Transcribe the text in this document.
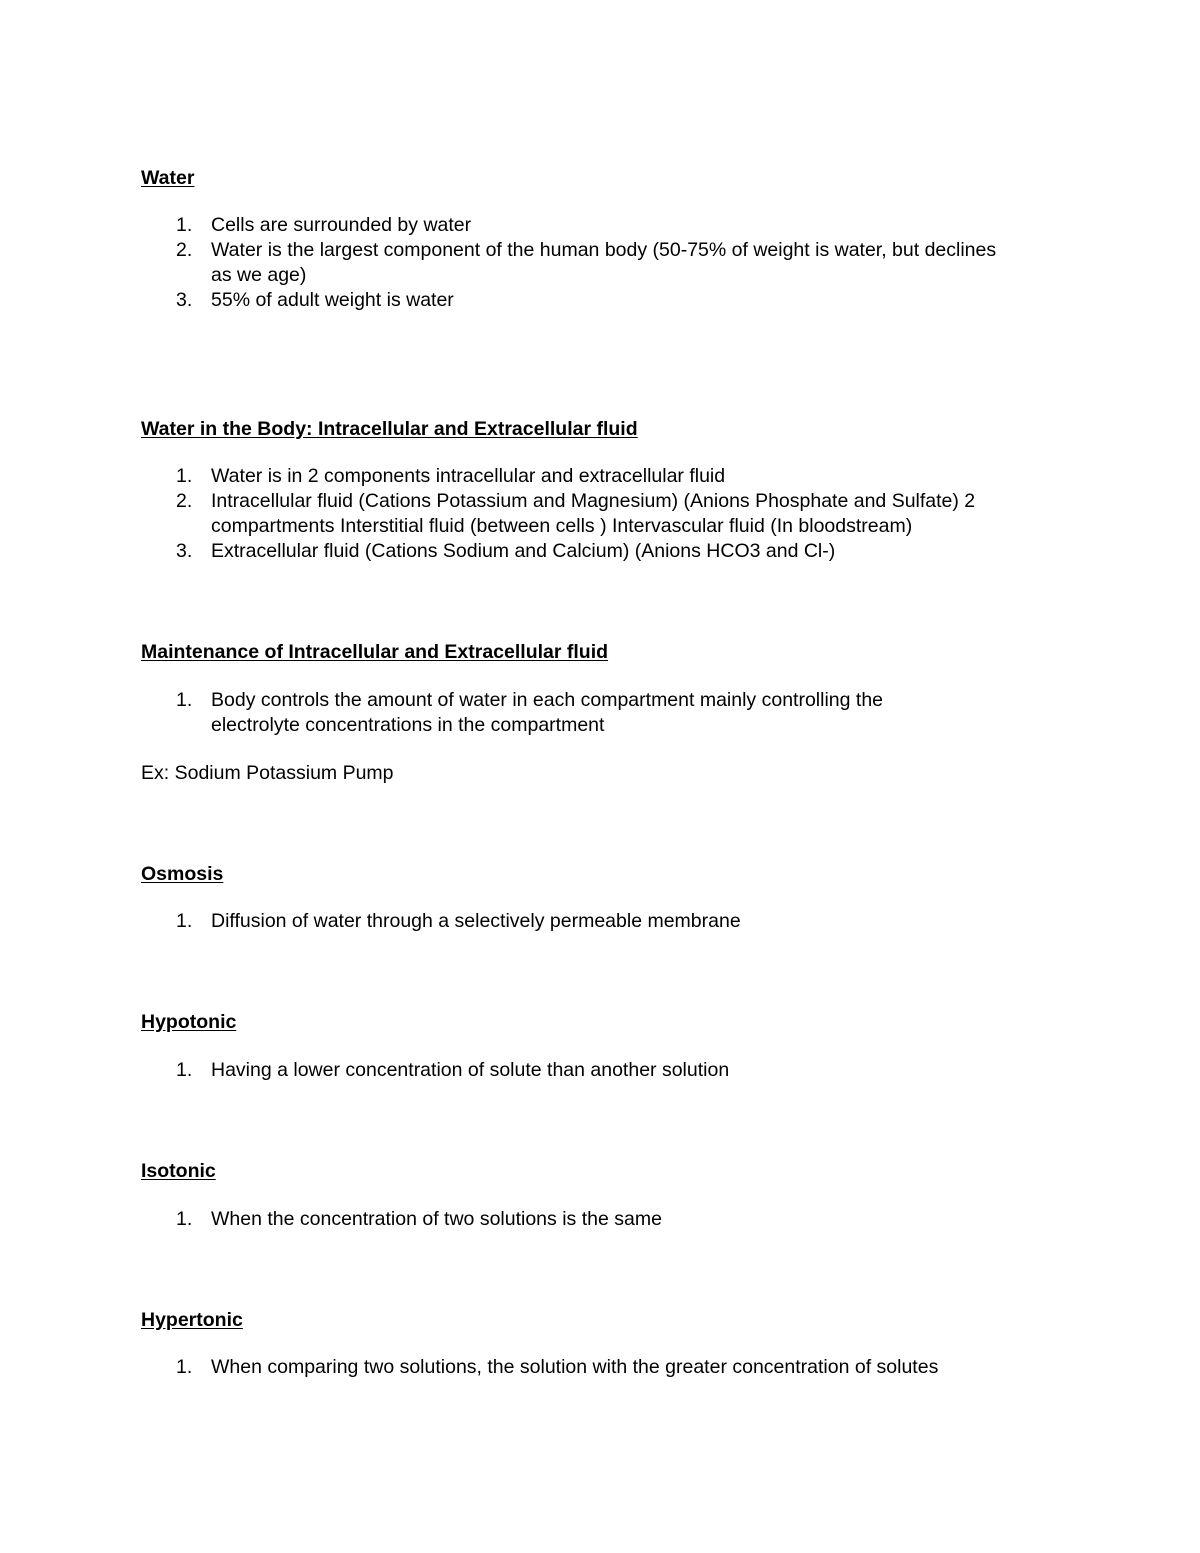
Water
1. Cells are surrounded by water
2. Water is the largest component of the human body (50-75% of weight is water, but declines as we age)
3. 55% of adult weight is water
Water in the Body: Intracellular and Extracellular fluid
1. Water is in 2 components intracellular and extracellular fluid
2. Intracellular fluid (Cations Potassium and Magnesium) (Anions Phosphate and Sulfate) 2 compartments Interstitial fluid (between cells ) Intervascular fluid (In bloodstream)
3. Extracellular fluid (Cations Sodium and Calcium) (Anions HCO3 and Cl-)
Maintenance of Intracellular and Extracellular fluid
1. Body controls the amount of water in each compartment mainly controlling the electrolyte concentrations in the compartment
Ex: Sodium Potassium Pump
Osmosis
1. Diffusion of water through a selectively permeable membrane
Hypotonic
1. Having a lower concentration of solute than another solution
Isotonic
1. When the concentration of two solutions is the same
Hypertonic
1. When comparing two solutions, the solution with the greater concentration of solutes
